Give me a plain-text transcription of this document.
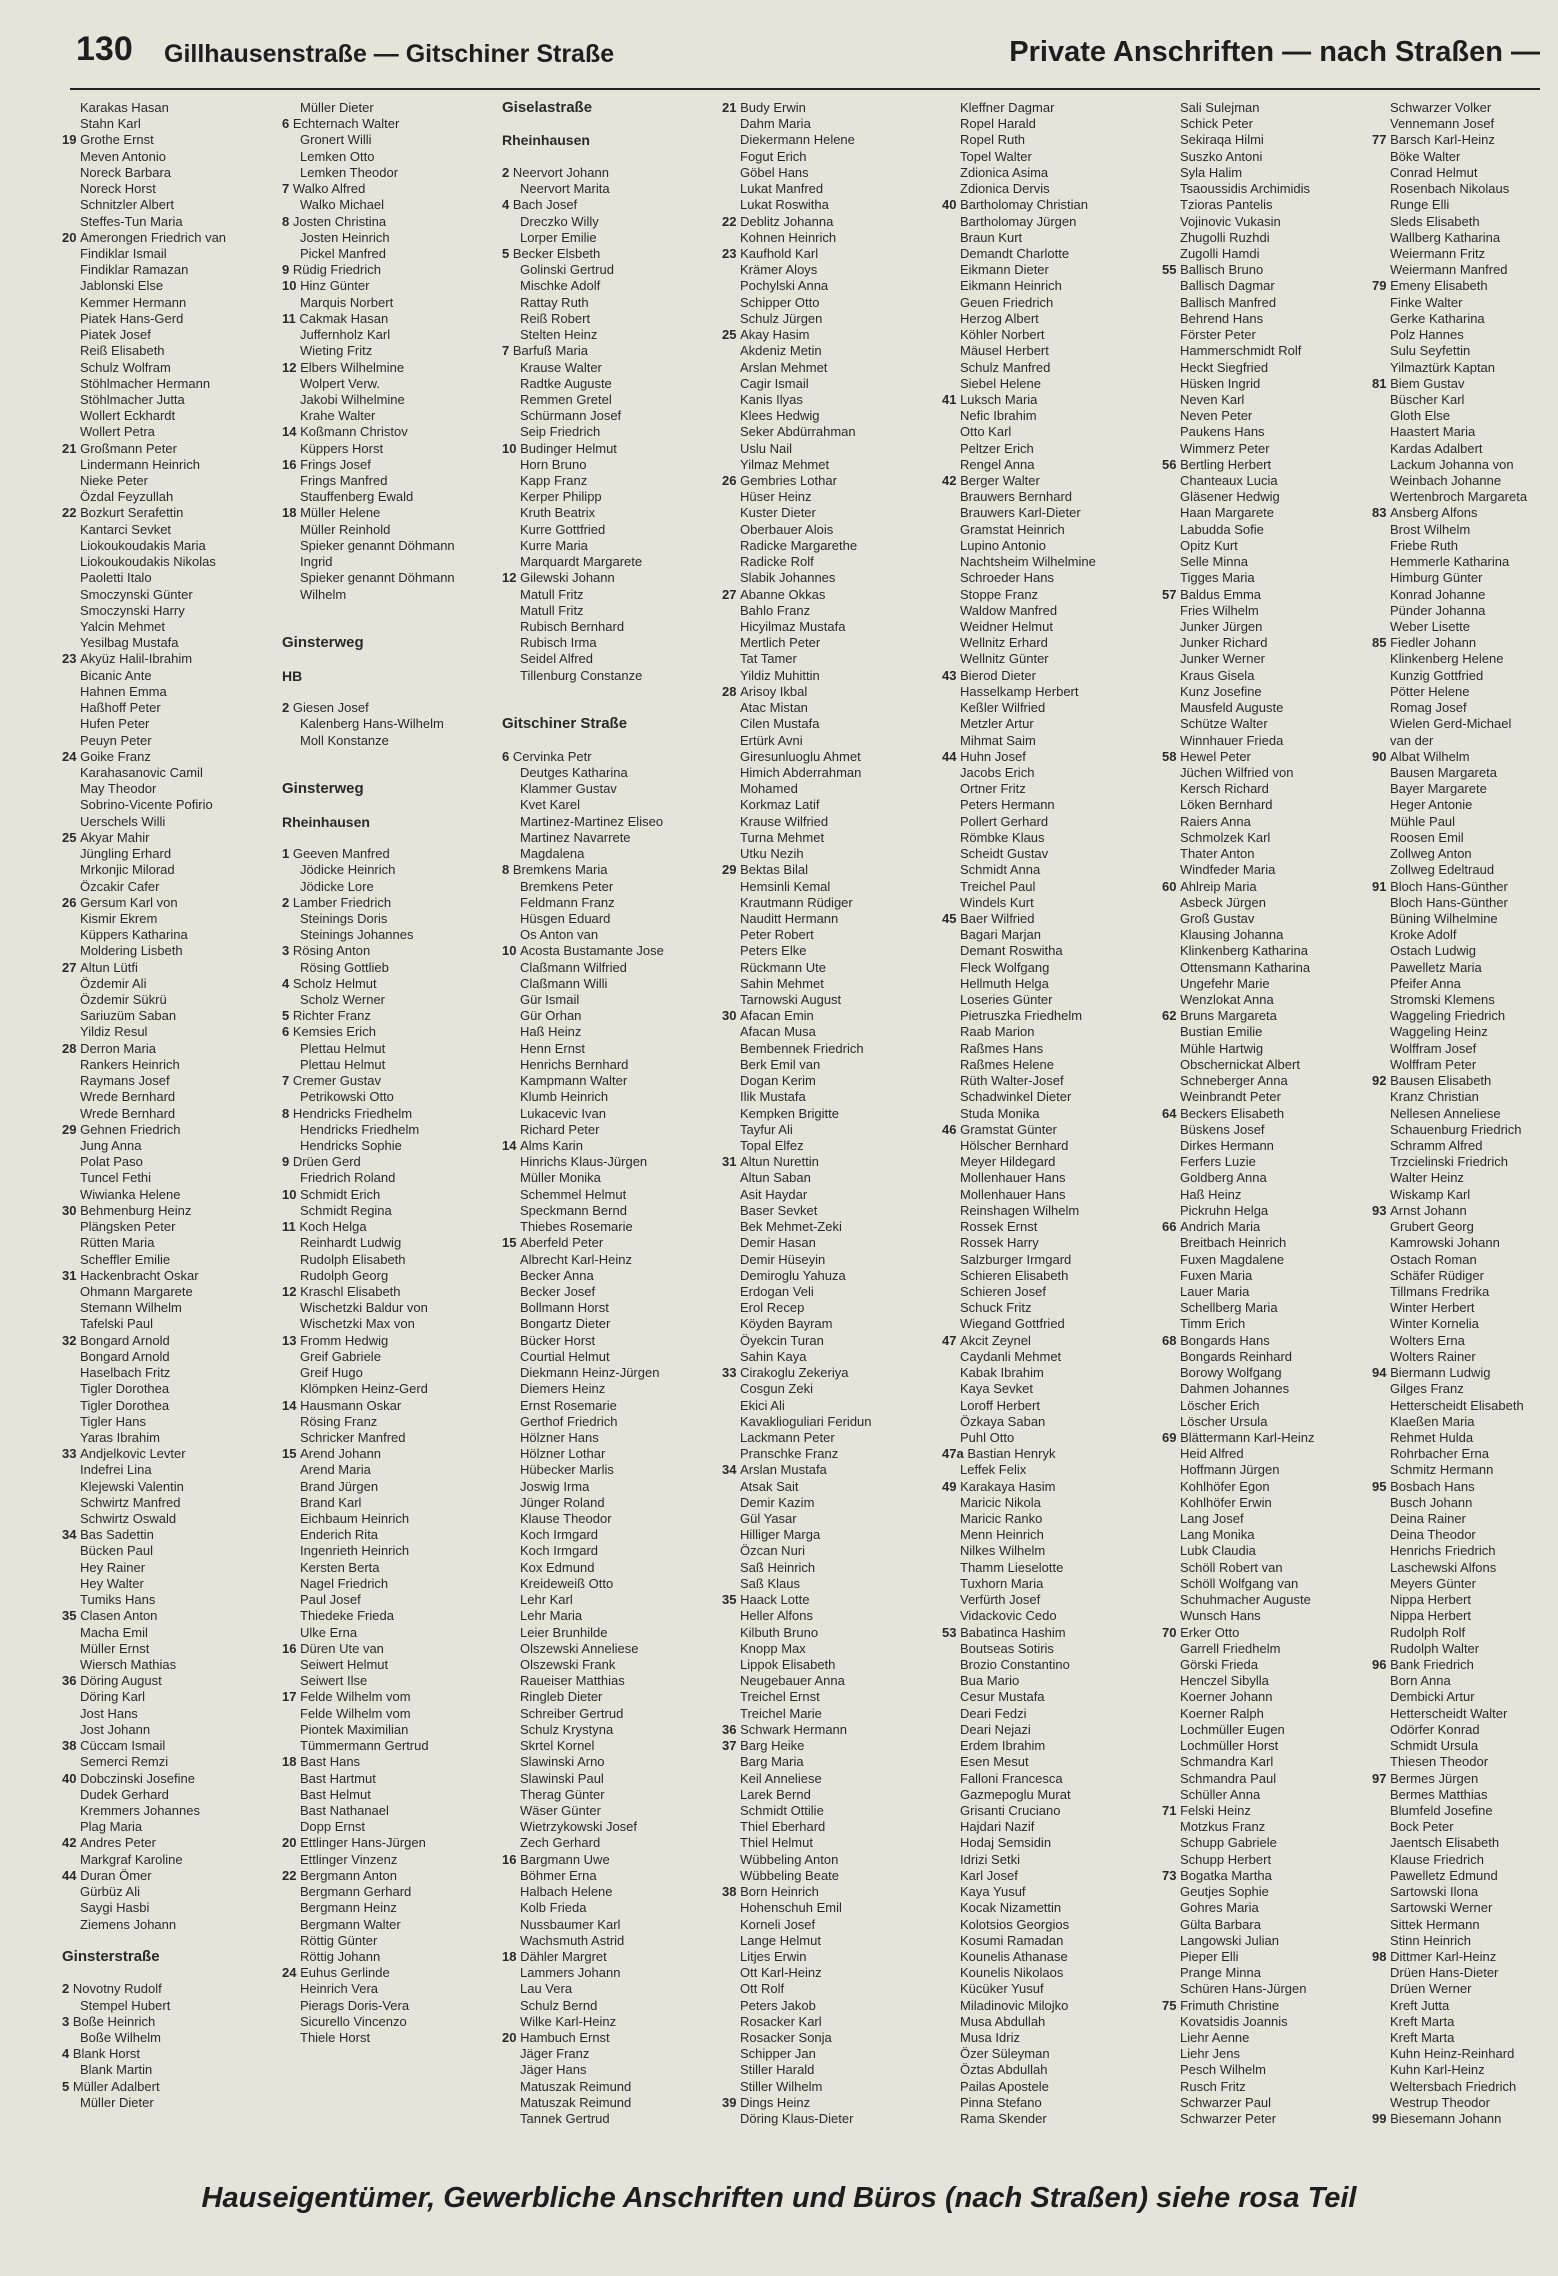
130 Gillhausenstraße — Gitschiner Straße	Private Anschriften — nach Straßen —
Karakas Hasan
Stahn Karl
19 Grothe Ernst
Meven Antonio
Noreck Barbara
Noreck Horst
Schnitzler Albert
Steffes-Tun Maria
20 Amerongen Friedrich van
Findiklar Ismail
Findiklar Ramazan
Jablonski Else
Kemmer Hermann
Piatek Hans-Gerd
Piatek Josef
Reiß Elisabeth
Schulz Wolfram
Stöhlmacher Hermann
Stöhlmacher Jutta
Wollert Eckhardt
Wollert Petra
21 Großmann Peter
Lindermann Heinrich
Nieke Peter
Özdal Feyzullah
22 Bozkurt Serafettin
Kantarci Sevket
Liokoukoudakis Maria
Liokoukoudakis Nikolas
Paoletti Italo
Smoczynski Günter
Smoczynski Harry
Yalcin Mehmet
Yesilbag Mustafa
23 Akyüz Halil-Ibrahim
Bicanic Ante
Hahnen Emma
Haßhoff Peter
Hufen Peter
Peuyn Peter
24 Goike Franz
Karahasanovic Camil
May Theodor
Sobrino-Vicente Pofirio
Uerschels Willi
25 Akyar Mahir
Jüngling Erhard
Mrkonjic Milorad
Özcakir Cafer
26 Gersum Karl von
Kismir Ekrem
Küppers Katharina
Moldering Lisbeth
27 Altun Lütfi
Özdemir Ali
Özdemir Sükrü
Sariuzüm Saban
Yildiz Resul
28 Derron Maria
Rankers Heinrich
Raymans Josef
Wrede Bernhard
Wrede Bernhard
29 Gehnen Friedrich
Jung Anna
Polat Paso
Tuncel Fethi
Wiwianka Helene
30 Behmenburg Heinz
Plängsken Peter
Rütten Maria
Scheffler Emilie
31 Hackenbracht Oskar
Ohmann Margarete
Stemann Wilhelm
Tafelski Paul
32 Bongard Arnold
Bongard Arnold
Haselbach Fritz
Tigler Dorothea
Tigler Dorothea
Tigler Hans
Yaras Ibrahim
33 Andjelkovic Levter
Indefrei Lina
Klejewski Valentin
Schwirtz Manfred
Schwirtz Oswald
34 Bas Sadettin
Bücken Paul
Hey Rainer
Hey Walter
Tumiks Hans
35 Clasen Anton
Macha Emil
Müller Ernst
Wiersch Mathias
36 Döring August
Döring Karl
Jost Hans
Jost Johann
38 Cüccam Ismail
Semerci Remzi
40 Dobczinski Josefine
Dudek Gerhard
Kremmers Johannes
Plag Maria
42 Andres Peter
Markgraf Karoline
44 Duran Ömer
Gürbüz Ali
Saygi Hasbi
Ziemens Johann
Ginsterstraße
2 Novotny Rudolf
Stempel Hubert
3 Boße Heinrich
Boße Wilhelm
4 Blank Horst
Blank Martin
5 Müller Adalbert
Müller Dieter
Müller Dieter
6 Echternach Walter
Gronert Willi
Lemken Otto
Lemken Theodor
7 Walko Alfred
Walko Michael
8 Josten Christina
Josten Heinrich
Pickel Manfred
9 Rüdig Friedrich
10 Hinz Günter
Marquis Norbert
11 Cakmak Hasan
Juffernholz Karl
Wieting Fritz
12 Elbers Wilhelmine
Wolpert Verw.
Jakobi Wilhelmine
Krahe Walter
14 Koßmann Christov
Küppers Horst
16 Frings Josef
Frings Manfred
Stauffenberg Ewald
18 Müller Helene
Müller Reinhold
Spieker genannt Döhmann
Ingrid
Spieker genannt Döhmann
Wilhelm
Ginsterweg
HB
2 Giesen Josef
Kalenberg Hans-Wilhelm
Moll Konstanze
Ginsterweg
Rheinhausen
1 Geeven Manfred
Jödicke Heinrich
Jödicke Lore
2 Lamber Friedrich
Steinings Doris
Steinings Johannes
3 Rösing Anton
Rösing Gottlieb
4 Scholz Helmut
Scholz Werner
5 Richter Franz
6 Kemsies Erich
Plettau Helmut
Plettau Helmut
7 Cremer Gustav
Petrikowski Otto
8 Hendricks Friedhelm
Hendricks Friedhelm
Hendricks Sophie
9 Drüen Gerd
Friedrich Roland
10 Schmidt Erich
Schmidt Regina
11 Koch Helga
Reinhardt Ludwig
Rudolph Elisabeth
Rudolph Georg
12 Kraschl Elisabeth
Wischetzki Baldur von
Wischetzki Max von
13 Fromm Hedwig
Greif Gabriele
Greif Hugo
Klömpken Heinz-Gerd
14 Hausmann Oskar
Rösing Franz
Schricker Manfred
15 Arend Johann
Arend Maria
Brand Jürgen
Brand Karl
Eichbaum Heinrich
Enderich Rita
Ingenrieth Heinrich
Kersten Berta
Nagel Friedrich
Paul Josef
Thiedeke Frieda
Ulke Erna
16 Düren Ute van
Seiwert Helmut
Seiwert Ilse
17 Felde Wilhelm vom
Felde Wilhelm vom
Piontek Maximilian
Tümmermann Gertrud
18 Bast Hans
Bast Hartmut
Bast Helmut
Bast Nathanael
Dopp Ernst
20 Ettlinger Hans-Jürgen
Ettlinger Vinzenz
22 Bergmann Anton
Bergmann Gerhard
Bergmann Heinz
Bergmann Walter
Röttig Günter
Röttig Johann
24 Euhus Gerlinde
Heinrich Vera
Pierags Doris-Vera
Sicurello Vincenzo
Thiele Horst
Giselastraße
Rheinhausen
2 Neervort Johann
Neervort Marita
4 Bach Josef
Dreczko Willy
Lorper Emilie
5 Becker Elsbeth
Golinski Gertrud
Mischke Adolf
Rattay Ruth
Reiß Robert
Stelten Heinz
7 Barfuß Maria
Krause Walter
Radtke Auguste
Remmen Gretel
Schürmann Josef
Seip Friedrich
10 Budinger Helmut
Horn Bruno
Kapp Franz
Kerper Philipp
Kruth Beatrix
Kurre Gottfried
Kurre Maria
Marquardt Margarete
12 Gilewski Johann
Matull Fritz
Matull Fritz
Rubisch Bernhard
Rubisch Irma
Seidel Alfred
Tillenburg Constanze
Gitschiner Straße
6 Cervinka Petr
Deutges Katharina
Klammer Gustav
Kvet Karel
Martinez-Martinez Eliseo
Martinez Navarrete
Magdalena
8 Bremkens Maria
Bremkens Peter
Feldmann Franz
Hüsgen Eduard
Os Anton van
10 Acosta Bustamante Jose
Claßmann Wilfried
Claßmann Willi
Gür Ismail
Gür Orhan
Haß Heinz
Henn Ernst
Henrichs Bernhard
Kampmann Walter
Klumb Heinrich
Lukacevic Ivan
Richard Peter
14 Alms Karin
Hinrichs Klaus-Jürgen
Müller Monika
Schemmel Helmut
Speckmann Bernd
Thiebes Rosemarie
15 Aberfeld Peter
Albrecht Karl-Heinz
Becker Anna
Becker Josef
Bollmann Horst
Bongartz Dieter
Bücker Horst
Courtial Helmut
Diekmann Heinz-Jürgen
Diemers Heinz
Ernst Rosemarie
Gerthof Friedrich
Hölzner Hans
Hölzner Lothar
Hübecker Marlis
Joswig Irma
Jünger Roland
Klause Theodor
Koch Irmgard
Koch Irmgard
Kox Edmund
Kreideweiß Otto
Lehr Karl
Lehr Maria
Leier Brunhilde
Olszewski Anneliese
Olszewski Frank
Raueiser Matthias
Ringleb Dieter
Schreiber Gertrud
Schulz Krystyna
Skrtel Kornel
Slawinski Arno
Slawinski Paul
Therag Günter
Wäser Günter
Wietrzykowski Josef
Zech Gerhard
16 Bargmann Uwe
Böhmer Erna
Halbach Helene
Kolb Frieda
Nussbaumer Karl
Wachsmuth Astrid
18 Dähler Margret
Lammers Johann
Lau Vera
Schulz Bernd
Wilke Karl-Heinz
20 Hambuch Ernst
Jäger Franz
Jäger Hans
Matuszak Reimund
Matuszak Reimund
Tannek Gertrud
21 Budy Erwin
Dahm Maria
Diekermann Helene
Fogut Erich
Göbel Hans
Lukat Manfred
Lukat Roswitha
22 Deblitz Johanna
Kohnen Heinrich
23 Kaufhold Karl
Krämer Aloys
Pochylski Anna
Schipper Otto
Schulz Jürgen
25 Akay Hasim
Akdeniz Metin
Arslan Mehmet
Cagir Ismail
Kanis Ilyas
Klees Hedwig
Seker Abdürrahman
Uslu Nail
Yilmaz Mehmet
26 Gembries Lothar
Hüser Heinz
Kuster Dieter
Oberbauer Alois
Radicke Margarethe
Radicke Rolf
Slabik Johannes
27 Abanne Okkas
Bahlo Franz
Hicyilmaz Mustafa
Mertlich Peter
Tat Tamer
Yildiz Muhittin
28 Arisoy Ikbal
Atac Mistan
Cilen Mustafa
Ertürk Avni
Giresunluoglu Ahmet
Himich Abderrahman
Mohamed
Korkmaz Latif
Krause Wilfried
Turna Mehmet
Utku Nezih
29 Bektas Bilal
Hemsinli Kemal
Krautmann Rüdiger
Nauditt Hermann
Peter Robert
Peters Elke
Rückmann Ute
Sahin Mehmet
Tarnowski August
30 Afacan Emin
Afacan Musa
Bembennek Friedrich
Berk Emil van
Dogan Kerim
Ilik Mustafa
Kempken Brigitte
Tayfur Ali
Topal Elfez
31 Altun Nurettin
Altun Saban
Asit Haydar
Baser Sevket
Bek Mehmet-Zeki
Demir Hasan
Demir Hüseyin
Demiroglu Yahuza
Erdogan Veli
Erol Recep
Köyden Bayram
Öyekcin Turan
Sahin Kaya
33 Cirakoglu Zekeriya
Cosgun Zeki
Ekici Ali
Kavaklioguliari Feridun
Lackmann Peter
Pranschke Franz
34 Arslan Mustafa
Atsak Sait
Demir Kazim
Gül Yasar
Hilliger Marga
Özcan Nuri
Saß Heinrich
Saß Klaus
35 Haack Lotte
Heller Alfons
Kilbuth Bruno
Knopp Max
Lippok Elisabeth
Neugebauer Anna
Treichel Ernst
Treichel Marie
36 Schwark Hermann
37 Barg Heike
Barg Maria
Keil Anneliese
Larek Bernd
Schmidt Ottilie
Thiel Eberhard
Thiel Helmut
Wübbeling Anton
Wübbeling Beate
38 Born Heinrich
Hohenschuh Emil
Korneli Josef
Lange Helmut
Litjes Erwin
Ott Karl-Heinz
Ott Rolf
Peters Jakob
Rosacker Karl
Rosacker Sonja
Schipper Jan
Stiller Harald
Stiller Wilhelm
39 Dings Heinz
Döring Klaus-Dieter
Kleffner Dagmar
Ropel Harald
Ropel Ruth
Topel Walter
Zdionica Asima
Zdionica Dervis
40 Bartholomay Christian
Bartholomay Jürgen
Braun Kurt
Demandt Charlotte
Eikmann Dieter
Eikmann Heinrich
Geuen Friedrich
Herzog Albert
Köhler Norbert
Mäusel Herbert
Schulz Manfred
Siebel Helene
41 Luksch Maria
Nefic Ibrahim
Otto Karl
Peltzer Erich
Rengel Anna
42 Berger Walter
Brauwers Bernhard
Brauwers Karl-Dieter
Gramstat Heinrich
Lupino Antonio
Nachtsheim Wilhelmine
Schroeder Hans
Stoppe Franz
Waldow Manfred
Weidner Helmut
Wellnitz Erhard
Wellnitz Günter
43 Bierod Dieter
Hasselkamp Herbert
Keßler Wilfried
Metzler Artur
Mihmat Saim
44 Huhn Josef
Jacobs Erich
Ortner Fritz
Peters Hermann
Pollert Gerhard
Römbke Klaus
Scheidt Gustav
Schmidt Anna
Treichel Paul
Windels Kurt
45 Baer Wilfried
Bagari Marjan
Demant Roswitha
Fleck Wolfgang
Hellmuth Helga
Loseries Günter
Pietruszka Friedhelm
Raab Marion
Raßmes Hans
Raßmes Helene
Rüth Walter-Josef
Schadwinkel Dieter
Studa Monika
46 Gramstat Günter
Hölscher Bernhard
Meyer Hildegard
Mollenhauer Hans
Mollenhauer Hans
Reinshagen Wilhelm
Rossek Ernst
Rossek Harry
Salzburger Irmgard
Schieren Elisabeth
Schieren Josef
Schuck Fritz
Wiegand Gottfried
47 Akcit Zeynel
Caydanli Mehmet
Kabak Ibrahim
Kaya Sevket
Loroff Herbert
Özkaya Saban
Puhl Otto
47a Bastian Henryk
Leffek Felix
49 Karakaya Hasim
Maricic Nikola
Maricic Ranko
Menn Heinrich
Nilkes Wilhelm
Thamm Lieselotte
Tuxhorn Maria
Verfürth Josef
Vidackovic Cedo
53 Babatinca Hashim
Boutseas Sotiris
Brozio Constantino
Bua Mario
Cesur Mustafa
Deari Fedzi
Deari Nejazi
Erdem Ibrahim
Esen Mesut
Falloni Francesca
Gazmepoglu Murat
Grisanti Cruciano
Hajdari Nazif
Hodaj Semsidin
Idrizi Setki
Karl Josef
Kaya Yusuf
Kocak Nizamettin
Kolotsios Georgios
Kosumi Ramadan
Kounelis Athanase
Kounelis Nikolaos
Kücüker Yusuf
Miladinovic Milojko
Musa Abdullah
Musa Idriz
Özer Süleyman
Öztas Abdullah
Pailas Apostele
Pinna Stefano
Rama Skender
Sali Sulejman
Schick Peter
Sekiraqa Hilmi
Suszko Antoni
Syla Halim
Tsaoussidis Archimidis
Tzioras Pantelis
Vojinovic Vukasin
Zhugolli Ruzhdi
Zugolli Hamdi
55 Ballisch Bruno
Ballisch Dagmar
Ballisch Manfred
Behrend Hans
Förster Peter
Hammerschmidt Rolf
Heckt Siegfried
Hüsken Ingrid
Neven Karl
Neven Peter
Paukens Hans
Wimmerz Peter
56 Bertling Herbert
Chanteaux Lucia
Gläsener Hedwig
Haan Margarete
Labudda Sofie
Opitz Kurt
Selle Minna
Tigges Maria
57 Baldus Emma
Fries Wilhelm
Junker Jürgen
Junker Richard
Junker Werner
Kraus Gisela
Kunz Josefine
Mausfeld Auguste
Schütze Walter
Winnhauer Frieda
58 Hewel Peter
Jüchen Wilfried von
Kersch Richard
Löken Bernhard
Raiers Anna
Schmolzek Karl
Thater Anton
Windfeder Maria
60 Ahlreip Maria
Asbeck Jürgen
Groß Gustav
Klausing Johanna
Klinkenberg Katharina
Ottensmann Katharina
Ungefehr Marie
Wenzlokat Anna
62 Bruns Margareta
Bustian Emilie
Mühle Hartwig
Obschernickat Albert
Schneberger Anna
Weinbrandt Peter
64 Beckers Elisabeth
Büskens Josef
Dirkes Hermann
Ferfers Luzie
Goldberg Anna
Haß Heinz
Pickruhn Helga
66 Andrich Maria
Breitbach Heinrich
Fuxen Magdalene
Fuxen Maria
Lauer Maria
Schellberg Maria
Timm Erich
68 Bongards Hans
Bongards Reinhard
Borowy Wolfgang
Dahmen Johannes
Löscher Erich
Löscher Ursula
69 Blättermann Karl-Heinz
Heid Alfred
Hoffmann Jürgen
Kohlhöfer Egon
Kohlhöfer Erwin
Lang Josef
Lang Monika
Lubk Claudia
Schöll Robert van
Schöll Wolfgang van
Schuhmacher Auguste
Wunsch Hans
70 Erker Otto
Garrell Friedhelm
Görski Frieda
Henczel Sibylla
Koerner Johann
Koerner Ralph
Lochmüller Eugen
Lochmüller Horst
Schmandra Karl
Schmandra Paul
Schüller Anna
71 Felski Heinz
Motzkus Franz
Schupp Gabriele
Schupp Herbert
73 Bogatka Martha
Geutjes Sophie
Gohres Maria
Gülta Barbara
Langowski Julian
Pieper Elli
Prange Minna
Schüren Hans-Jürgen
75 Frimuth Christine
Kovatsidis Joannis
Liehr Aenne
Liehr Jens
Pesch Wilhelm
Rusch Fritz
Schwarzer Paul
Schwarzer Peter
Schwarzer Volker
Vennemann Josef
77 Barsch Karl-Heinz
Böke Walter
Conrad Helmut
Rosenbach Nikolaus
Runge Elli
Sleds Elisabeth
Wallberg Katharina
Weiermann Fritz
Weiermann Manfred
79 Emeny Elisabeth
Finke Walter
Gerke Katharina
Polz Hannes
Sulu Seyfettin
Yilmaztürk Kaptan
81 Biem Gustav
Büscher Karl
Gloth Else
Haastert Maria
Kardas Adalbert
Lackum Johanna von
Weinbach Johanne
Wertenbroch Margareta
83 Ansberg Alfons
Brost Wilhelm
Friebe Ruth
Hemmerle Katharina
Himburg Günter
Konrad Johanne
Pünder Johanna
Weber Lisette
85 Fiedler Johann
Klinkenberg Helene
Kunzig Gottfried
Pötter Helene
Romag Josef
Wielen Gerd-Michael
van der
90 Albat Wilhelm
Bausen Margareta
Bayer Margarete
Heger Antonie
Mühle Paul
Roosen Emil
Zollweg Anton
Zollweg Edeltraud
91 Bloch Hans-Günther
Bloch Hans-Günther
Büning Wilhelmine
Kroke Adolf
Ostach Ludwig
Pawelletz Maria
Pfeifer Anna
Stromski Klemens
Waggeling Friedrich
Waggeling Heinz
Wolffram Josef
Wolffram Peter
92 Bausen Elisabeth
Kranz Christian
Nellesen Anneliese
Schauenburg Friedrich
Schramm Alfred
Trzcielinski Friedrich
Walter Heinz
Wiskamp Karl
93 Arnst Johann
Grubert Georg
Kamrowski Johann
Ostach Roman
Schäfer Rüdiger
Tillmans Fredrika
Winter Herbert
Winter Kornelia
Wolters Erna
Wolters Rainer
94 Biermann Ludwig
Gilges Franz
Hetterscheidt Elisabeth
Klaeßen Maria
Rehmet Hulda
Rohrbacher Erna
Schmitz Hermann
95 Bosbach Hans
Busch Johann
Deina Rainer
Deina Theodor
Henrichs Friedrich
Laschewski Alfons
Meyers Günter
Nippa Herbert
Nippa Herbert
Rudolph Rolf
Rudolph Walter
96 Bank Friedrich
Born Anna
Dembicki Artur
Hetterscheidt Walter
Odörfer Konrad
Schmidt Ursula
Thiesen Theodor
97 Bermes Jürgen
Bermes Matthias
Blumfeld Josefine
Bock Peter
Jaentsch Elisabeth
Klause Friedrich
Pawelletz Edmund
Sartowski Ilona
Sartowski Werner
Sittek Hermann
Stinn Heinrich
98 Dittmer Karl-Heinz
Drüen Hans-Dieter
Drüen Werner
Kreft Jutta
Kreft Marta
Kreft Marta
Kuhn Heinz-Reinhard
Kuhn Karl-Heinz
Weltersbach Friedrich
Westrup Theodor
99 Biesemann Johann
Hauseigentümer, Gewerbliche Anschriften und Büros (nach Straßen) siehe rosa Teil
